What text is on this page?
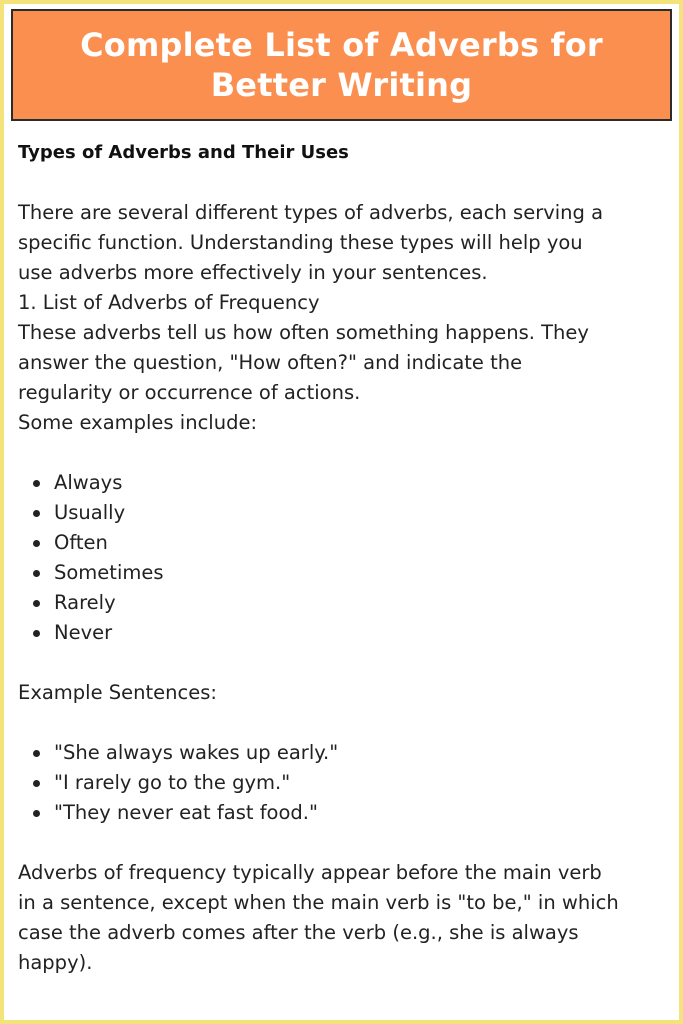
Complete List of Adverbs for
Better Writing
Types of Adverbs and Their Uses

There are several different types of adverbs, each serving a

specific function. Understanding these types will help you

use adverbs more effectively in your sentences.

1. List of Adverbs of Frequency

These adverbs tell us how often something happens. They

answer the question, "How often?" and indicate the

regularity or occurrence of actions.

Some examples include:

Always
Usually
Often
Sometimes
Rarely
Never

Example Sentences:

"She always wakes up early."
"I rarely go to the gym."
"They never eat fast food."

Adverbs of frequency typically appear before the main verb

in a sentence, except when the main verb is "to be," in which

case the adverb comes after the verb (e.g., she is always

happy).
